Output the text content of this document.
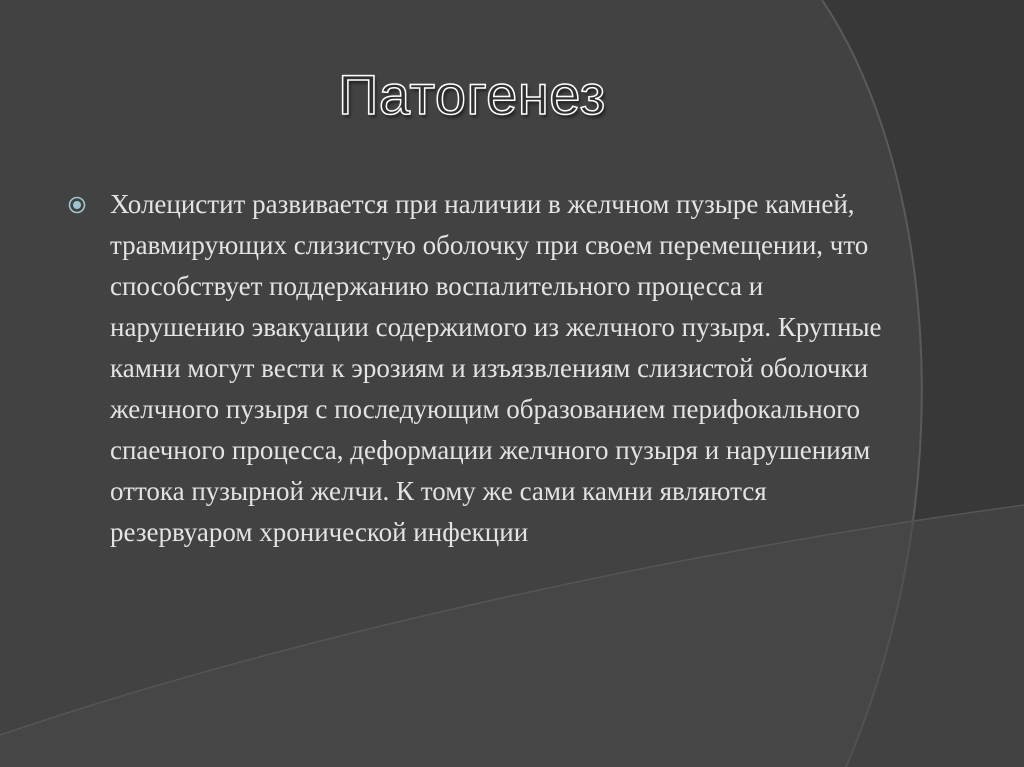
Патогенез

Холецистит развивается при наличии в желчном пузыре камней, травмирующих слизистую оболочку при своем перемещении, что способствует поддержанию воспалительного процесса и нарушению эвакуации содержимого из желчного пузыря. Крупные камни могут вести к эрозиям и изъязвлениям слизистой оболочки желчного пузыря с последующим образованием перифокального спаечного процесса, деформации желчного пузыря и нарушениям оттока пузырной желчи. К тому же сами камни являются резервуаром хронической инфекции
